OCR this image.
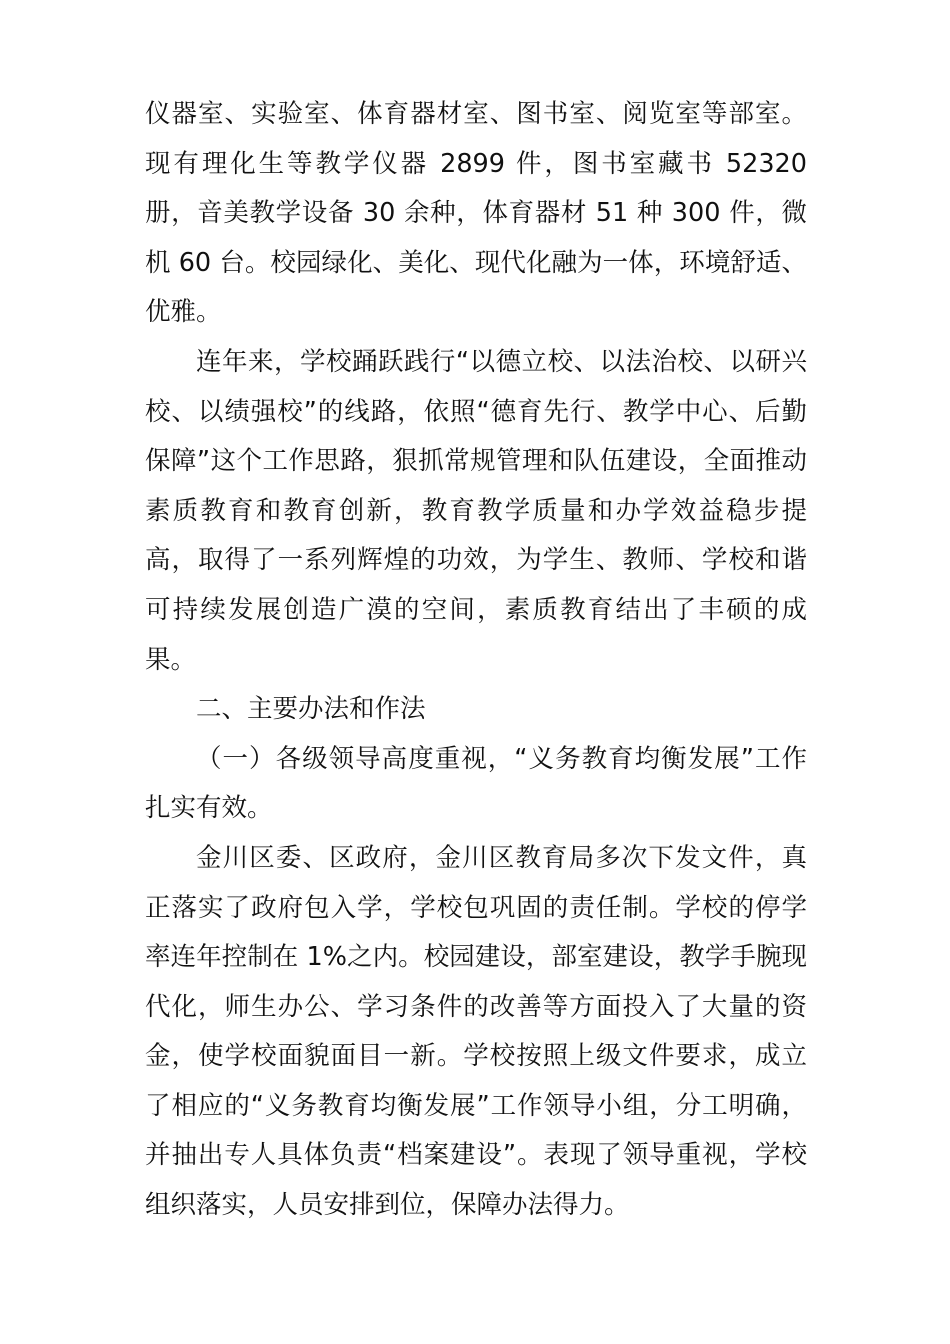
仪器室、实验室、体育器材室、图书室、阅览室等部室。现有理化生等教学仪器 2899 件，图书室藏书 52320 册，音美教学设备 30 余种，体育器材 51 种 300 件，微机 60 台。校园绿化、美化、现代化融为一体，环境舒适、优雅。

连年来，学校踊跃践行“以德立校、以法治校、以研兴校、以绩强校”的线路，依照“德育先行、教学中心、后勤保障”这个工作思路，狠抓常规管理和队伍建设，全面推动素质教育和教育创新，教育教学质量和办学效益稳步提高，取得了一系列辉煌的功效，为学生、教师、学校和谐可持续发展创造广漠的空间，素质教育结出了丰硕的成果。

二、主要办法和作法

（一）各级领导高度重视，“义务教育均衡发展”工作扎实有效。

金川区委、区政府，金川区教育局多次下发文件，真正落实了政府包入学，学校包巩固的责任制。学校的停学率连年控制在 1%之内。校园建设，部室建设，教学手腕现代化，师生办公、学习条件的改善等方面投入了大量的资金，使学校面貌面目一新。学校按照上级文件要求，成立了相应的“义务教育均衡发展”工作领导小组，分工明确，并抽出专人具体负责“档案建设”。表现了领导重视，学校组织落实，人员安排到位，保障办法得力。
